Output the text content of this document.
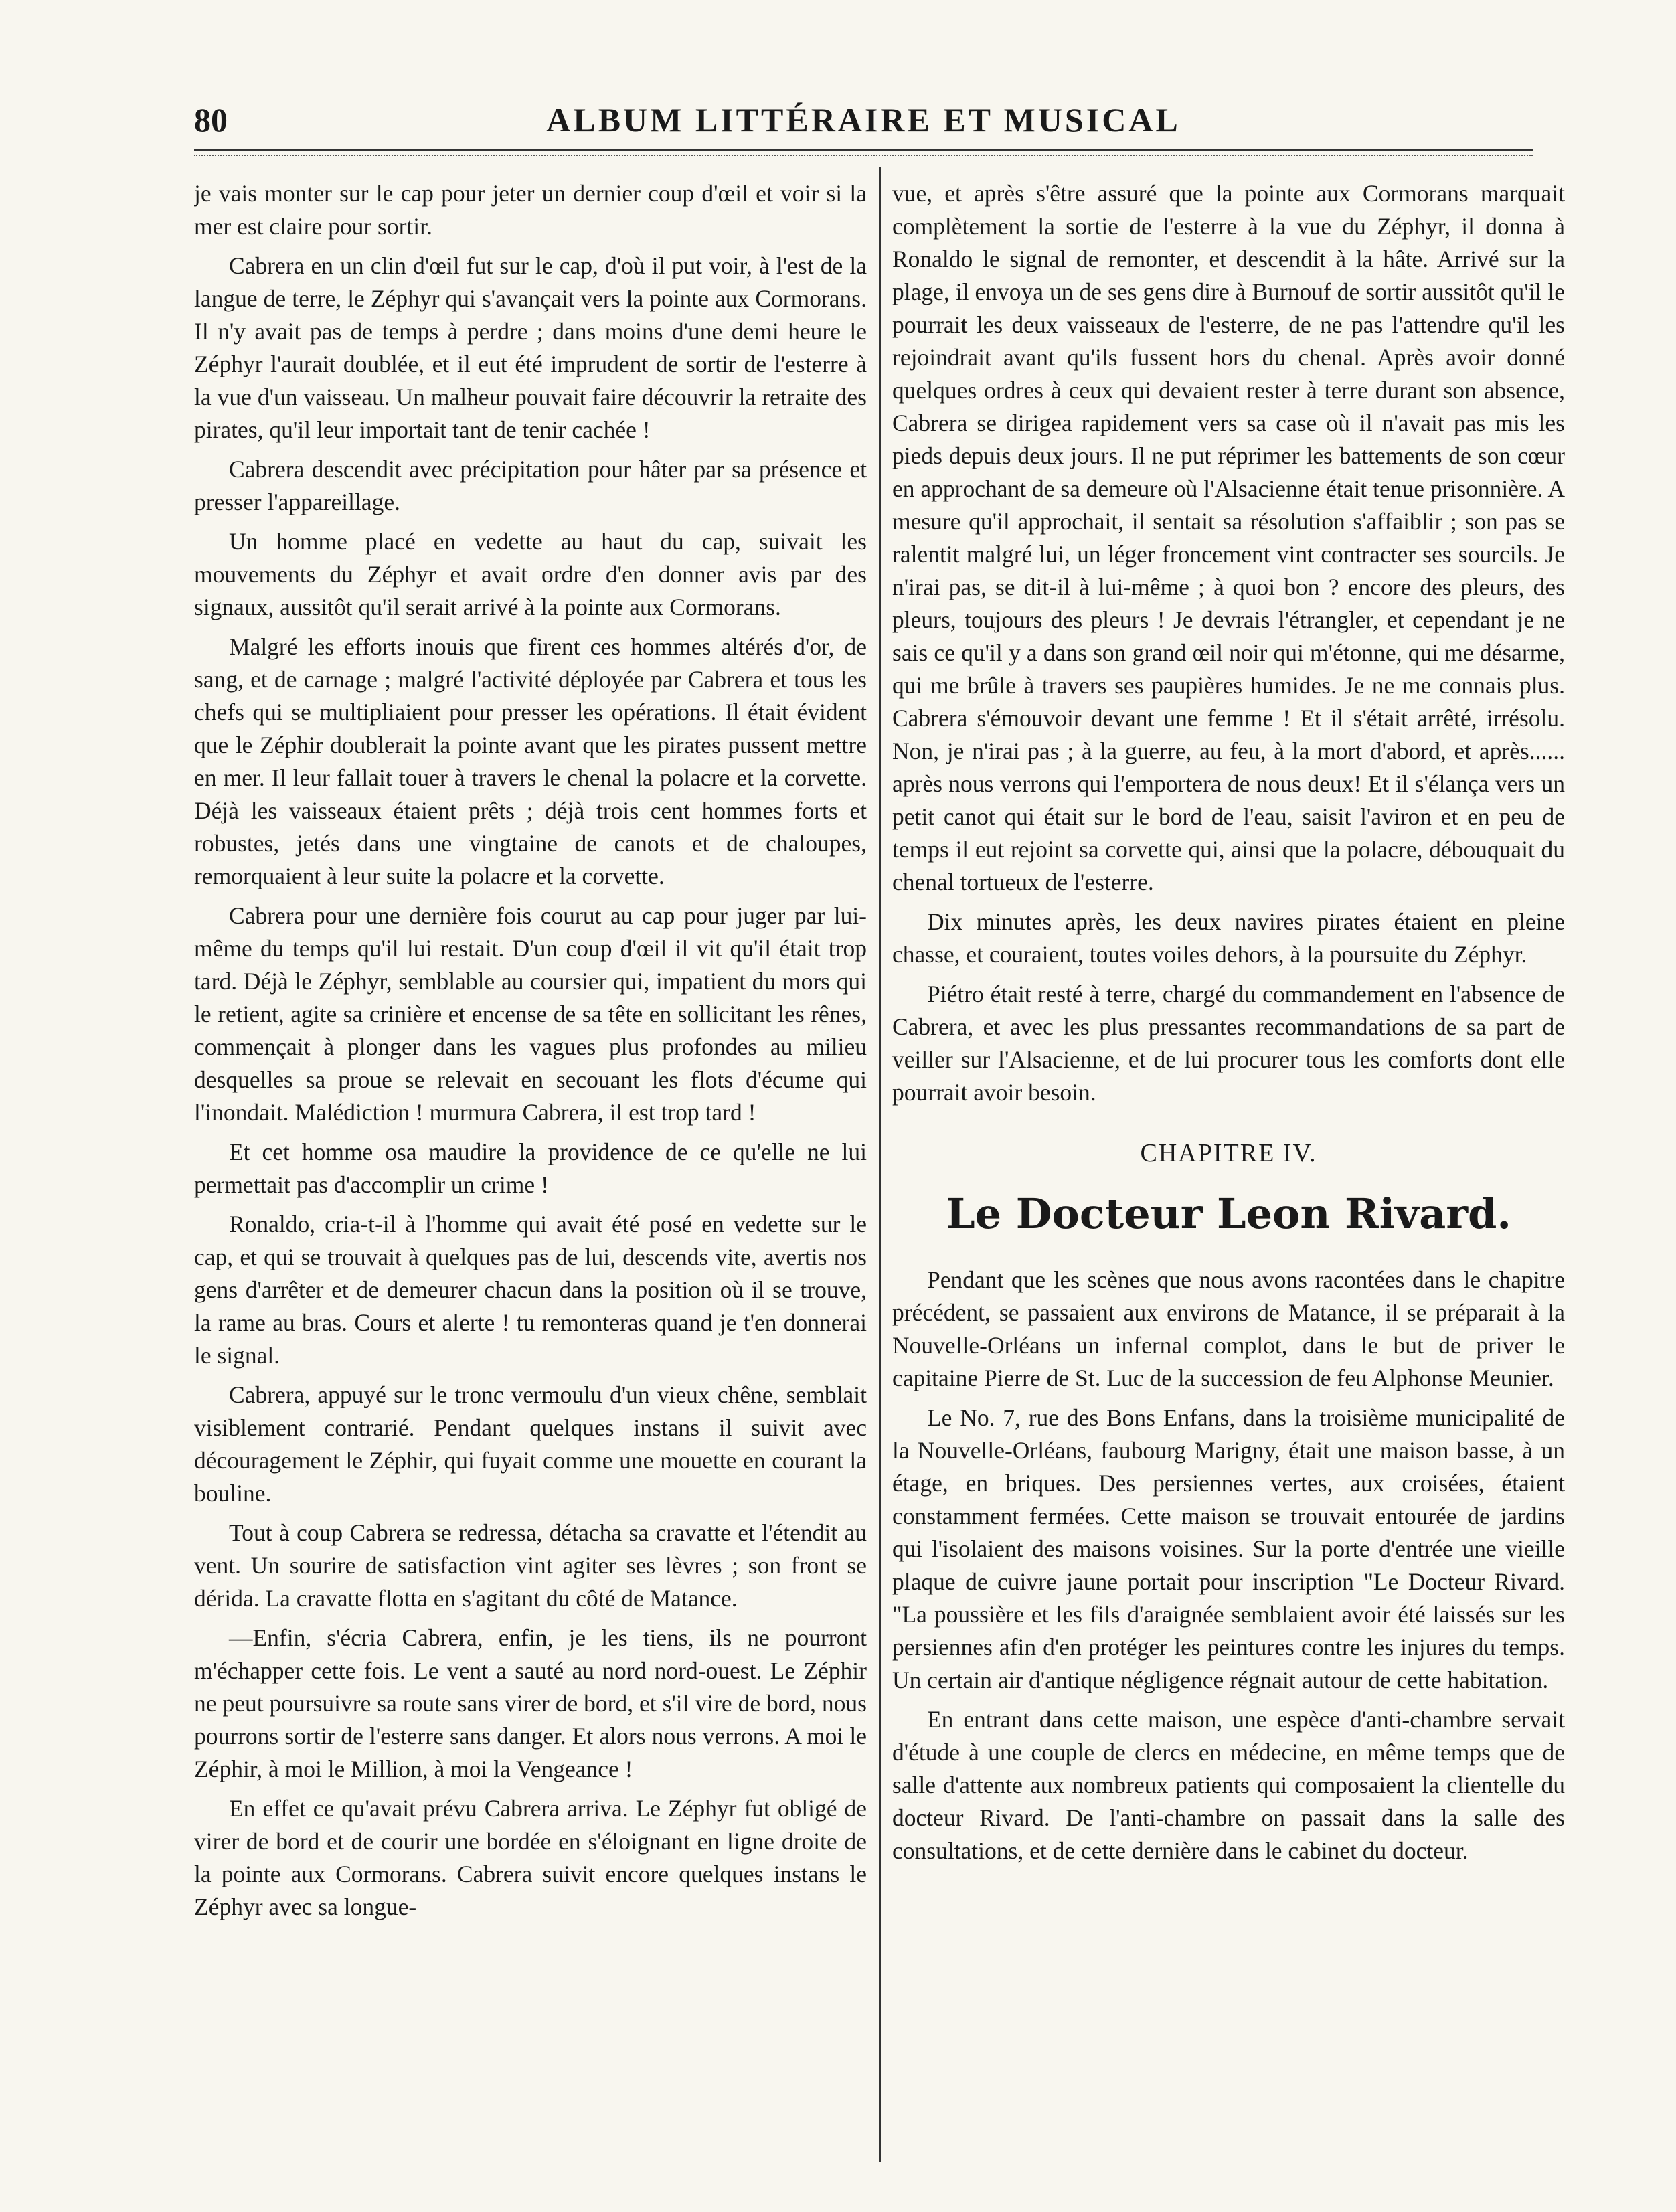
80	ALBUM LITTÉRAIRE ET MUSICAL

je vais monter sur le cap pour jeter un dernier coup d'œil et voir si la mer est claire pour sortir.

Cabrera en un clin d'œil fut sur le cap, d'où il put voir, à l'est de la langue de terre, le Zéphyr qui s'avançait vers la pointe aux Cormorans. Il n'y avait pas de temps à perdre ; dans moins d'une demi heure le Zéphyr l'aurait doublée, et il eut été imprudent de sortir de l'esterre à la vue d'un vaisseau. Un malheur pouvait faire découvrir la retraite des pirates, qu'il leur importait tant de tenir cachée !

Cabrera descendit avec précipitation pour hâter par sa présence et presser l'appareillage.

Un homme placé en vedette au haut du cap, suivait les mouvements du Zéphyr et avait ordre d'en donner avis par des signaux, aussitôt qu'il serait arrivé à la pointe aux Cormorans.

Malgré les efforts inouis que firent ces hommes altérés d'or, de sang, et de carnage ; malgré l'activité déployée par Cabrera et tous les chefs qui se multipliaient pour presser les opérations. Il était évident que le Zéphir doublerait la pointe avant que les pirates pussent mettre en mer. Il leur fallait touer à travers le chenal la polacre et la corvette. Déjà les vaisseaux étaient prêts ; déjà trois cent hommes forts et robustes, jetés dans une vingtaine de canots et de chaloupes, remorquaient à leur suite la polacre et la corvette.

Cabrera pour une dernière fois courut au cap pour juger par lui-même du temps qu'il lui restait. D'un coup d'œil il vit qu'il était trop tard. Déjà le Zéphyr, semblable au coursier qui, impatient du mors qui le retient, agite sa crinière et encense de sa tête en sollicitant les rênes, commençait à plonger dans les vagues plus profondes au milieu desquelles sa proue se relevait en secouant les flots d'écume qui l'inondait. Malédiction ! murmura Cabrera, il est trop tard !

Et cet homme osa maudire la providence de ce qu'elle ne lui permettait pas d'accomplir un crime !

Ronaldo, cria-t-il à l'homme qui avait été posé en vedette sur le cap, et qui se trouvait à quelques pas de lui, descends vite, avertis nos gens d'arrêter et de demeurer chacun dans la position où il se trouve, la rame au bras. Cours et alerte ! tu remonteras quand je t'en donnerai le signal.

Cabrera, appuyé sur le tronc vermoulu d'un vieux chêne, semblait visiblement contrarié. Pendant quelques instans il suivit avec découragement le Zéphir, qui fuyait comme une mouette en courant la bouline.

Tout à coup Cabrera se redressa, détacha sa cravatte et l'étendit au vent. Un sourire de satisfaction vint agiter ses lèvres ; son front se dérida. La cravatte flotta en s'agitant du côté de Matance.

—Enfin, s'écria Cabrera, enfin, je les tiens, ils ne pourront m'échapper cette fois. Le vent a sauté au nord nord-ouest. Le Zéphir ne peut poursuivre sa route sans virer de bord, et s'il vire de bord, nous pourrons sortir de l'esterre sans danger. Et alors nous verrons. A moi le Zéphir, à moi le Million, à moi la Vengeance !

En effet ce qu'avait prévu Cabrera arriva. Le Zéphyr fut obligé de virer de bord et de courir une bordée en s'éloignant en ligne droite de la pointe aux Cormorans. Cabrera suivit encore quelques instans le Zéphyr avec sa longue-

vue, et après s'être assuré que la pointe aux Cormorans marquait complètement la sortie de l'esterre à la vue du Zéphyr, il donna à Ronaldo le signal de remonter, et descendit à la hâte. Arrivé sur la plage, il envoya un de ses gens dire à Burnouf de sortir aussitôt qu'il le pourrait les deux vaisseaux de l'esterre, de ne pas l'attendre qu'il les rejoindrait avant qu'ils fussent hors du chenal. Après avoir donné quelques ordres à ceux qui devaient rester à terre durant son absence, Cabrera se dirigea rapidement vers sa case où il n'avait pas mis les pieds depuis deux jours. Il ne put réprimer les battements de son cœur en approchant de sa demeure où l'Alsacienne était tenue prisonnière. A mesure qu'il approchait, il sentait sa résolution s'affaiblir ; son pas se ralentit malgré lui, un léger froncement vint contracter ses sourcils. Je n'irai pas, se dit-il à lui-même ; à quoi bon ? encore des pleurs, des pleurs, toujours des pleurs ! Je devrais l'étrangler, et cependant je ne sais ce qu'il y a dans son grand œil noir qui m'étonne, qui me désarme, qui me brûle à travers ses paupières humides. Je ne me connais plus. Cabrera s'émouvoir devant une femme ! Et il s'était arrêté, irrésolu. Non, je n'irai pas ; à la guerre, au feu, à la mort d'abord, et après...... après nous verrons qui l'emportera de nous deux! Et il s'élança vers un petit canot qui était sur le bord de l'eau, saisit l'aviron et en peu de temps il eut rejoint sa corvette qui, ainsi que la polacre, débouquait du chenal tortueux de l'esterre.

Dix minutes après, les deux navires pirates étaient en pleine chasse, et couraient, toutes voiles dehors, à la poursuite du Zéphyr.

Piétro était resté à terre, chargé du commandement en l'absence de Cabrera, et avec les plus pressantes recommandations de sa part de veiller sur l'Alsacienne, et de lui procurer tous les comforts dont elle pourrait avoir besoin.

CHAPITRE IV.
Le Docteur Leon Rivard.

Pendant que les scènes que nous avons racontées dans le chapitre précédent, se passaient aux environs de Matance, il se préparait à la Nouvelle-Orléans un infernal complot, dans le but de priver le capitaine Pierre de St. Luc de la succession de feu Alphonse Meunier.

Le No. 7, rue des Bons Enfans, dans la troisième municipalité de la Nouvelle-Orléans, faubourg Marigny, était une maison basse, à un étage, en briques. Des persiennes vertes, aux croisées, étaient constamment fermées. Cette maison se trouvait entourée de jardins qui l'isolaient des maisons voisines. Sur la porte d'entrée une vieille plaque de cuivre jaune portait pour inscription "Le Docteur Rivard. "La poussière et les fils d'araignée semblaient avoir été laissés sur les persiennes afin d'en protéger les peintures contre les injures du temps. Un certain air d'antique négligence régnait autour de cette habitation.

En entrant dans cette maison, une espèce d'anti-chambre servait d'étude à une couple de clercs en médecine, en même temps que de salle d'attente aux nombreux patients qui composaient la clientelle du docteur Rivard. De l'anti-chambre on passait dans la salle des consultations, et de cette dernière dans le cabinet du docteur.
